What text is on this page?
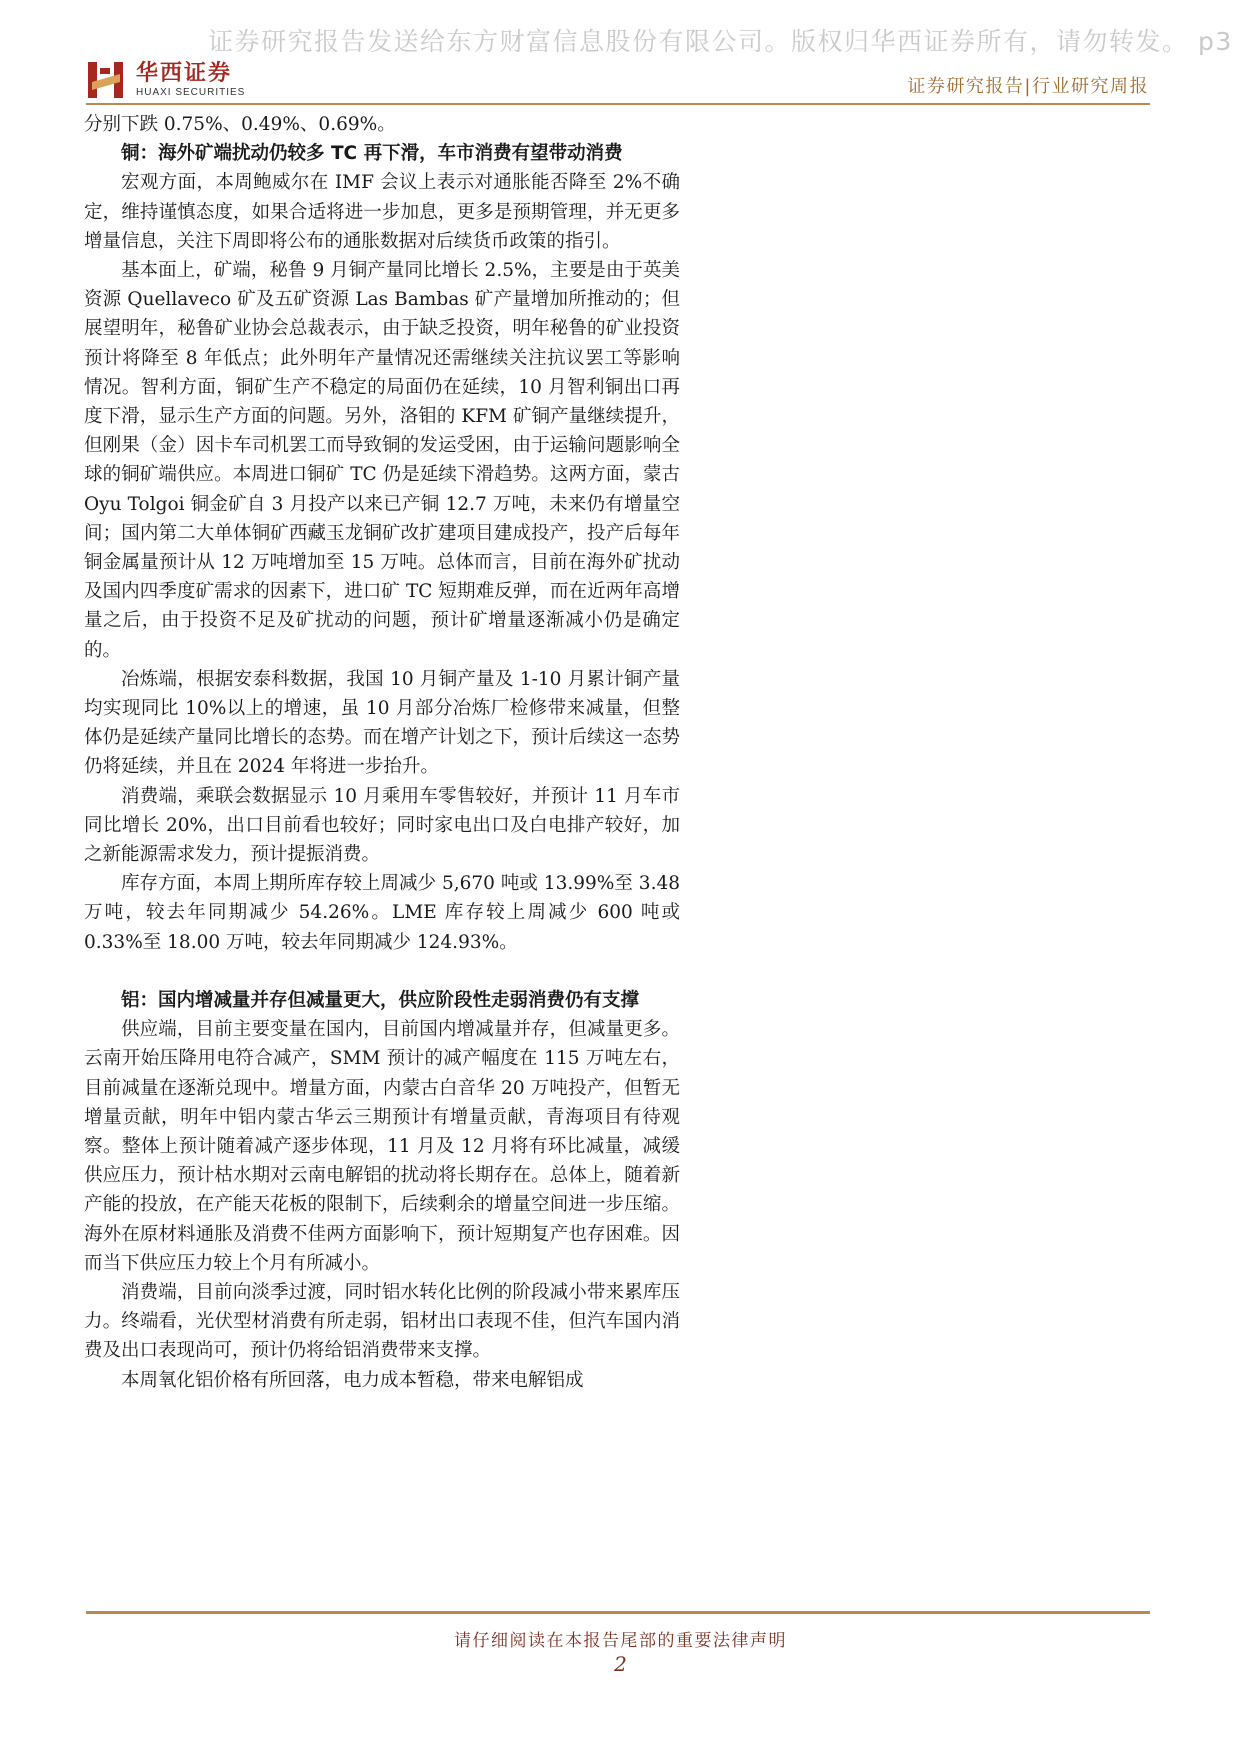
证券研究报告发送给东方财富信息股份有限公司。版权归华西证券所有，请勿转发。 p3
华西证券
HUAXI SECURITIES	证券研究报告|行业研究周报

分别下跌 0.75%、0.49%、0.69%。

铜：海外矿端扰动仍较多 TC 再下滑，车市消费有望带动消费

宏观方面，本周鲍威尔在 IMF 会议上表示对通胀能否降至 2%不确定，维持谨慎态度，如果合适将进一步加息，更多是预期管理，并无更多增量信息，关注下周即将公布的通胀数据对后续货币政策的指引。

基本面上，矿端，秘鲁 9 月铜产量同比增长 2.5%，主要是由于英美资源 Quellaveco 矿及五矿资源 Las Bambas 矿产量增加所推动的；但展望明年，秘鲁矿业协会总裁表示，由于缺乏投资，明年秘鲁的矿业投资预计将降至 8 年低点；此外明年产量情况还需继续关注抗议罢工等影响情况。智利方面，铜矿生产不稳定的局面仍在延续，10 月智利铜出口再度下滑，显示生产方面的问题。另外，洛钼的 KFM 矿铜产量继续提升，但刚果（金）因卡车司机罢工而导致铜的发运受困，由于运输问题影响全球的铜矿端供应。本周进口铜矿 TC 仍是延续下滑趋势。这两方面，蒙古 Oyu Tolgoi 铜金矿自 3 月投产以来已产铜 12.7 万吨，未来仍有增量空间；国内第二大单体铜矿西藏玉龙铜矿改扩建项目建成投产，投产后每年铜金属量预计从 12 万吨增加至 15 万吨。总体而言，目前在海外矿扰动及国内四季度矿需求的因素下，进口矿 TC 短期难反弹，而在近两年高增量之后，由于投资不足及矿扰动的问题，预计矿增量逐渐减小仍是确定的。

冶炼端，根据安泰科数据，我国 10 月铜产量及 1-10 月累计铜产量均实现同比 10%以上的增速，虽 10 月部分冶炼厂检修带来减量，但整体仍是延续产量同比增长的态势。而在增产计划之下，预计后续这一态势仍将延续，并且在 2024 年将进一步抬升。

消费端，乘联会数据显示 10 月乘用车零售较好，并预计 11 月车市同比增长 20%，出口目前看也较好；同时家电出口及白电排产较好，加之新能源需求发力，预计提振消费。

库存方面，本周上期所库存较上周减少 5,670 吨或 13.99%至 3.48 万吨，较去年同期减少 54.26%。LME 库存较上周减少 600 吨或 0.33%至 18.00 万吨，较去年同期减少 124.93%。

铝：国内增减量并存但减量更大，供应阶段性走弱消费仍有支撑

供应端，目前主要变量在国内，目前国内增减量并存，但减量更多。云南开始压降用电符合减产，SMM 预计的减产幅度在 115 万吨左右，目前减量在逐渐兑现中。增量方面，内蒙古白音华 20 万吨投产，但暂无增量贡献，明年中铝内蒙古华云三期预计有增量贡献，青海项目有待观察。整体上预计随着减产逐步体现，11 月及 12 月将有环比减量，减缓供应压力，预计枯水期对云南电解铝的扰动将长期存在。总体上，随着新产能的投放，在产能天花板的限制下，后续剩余的增量空间进一步压缩。海外在原材料通胀及消费不佳两方面影响下，预计短期复产也存困难。因而当下供应压力较上个月有所减小。

消费端，目前向淡季过渡，同时铝水转化比例的阶段减小带来累库压力。终端看，光伏型材消费有所走弱，铝材出口表现不佳，但汽车国内消费及出口表现尚可，预计仍将给铝消费带来支撑。

本周氧化铝价格有所回落，电力成本暂稳，带来电解铝成

请仔细阅读在本报告尾部的重要法律声明
2
